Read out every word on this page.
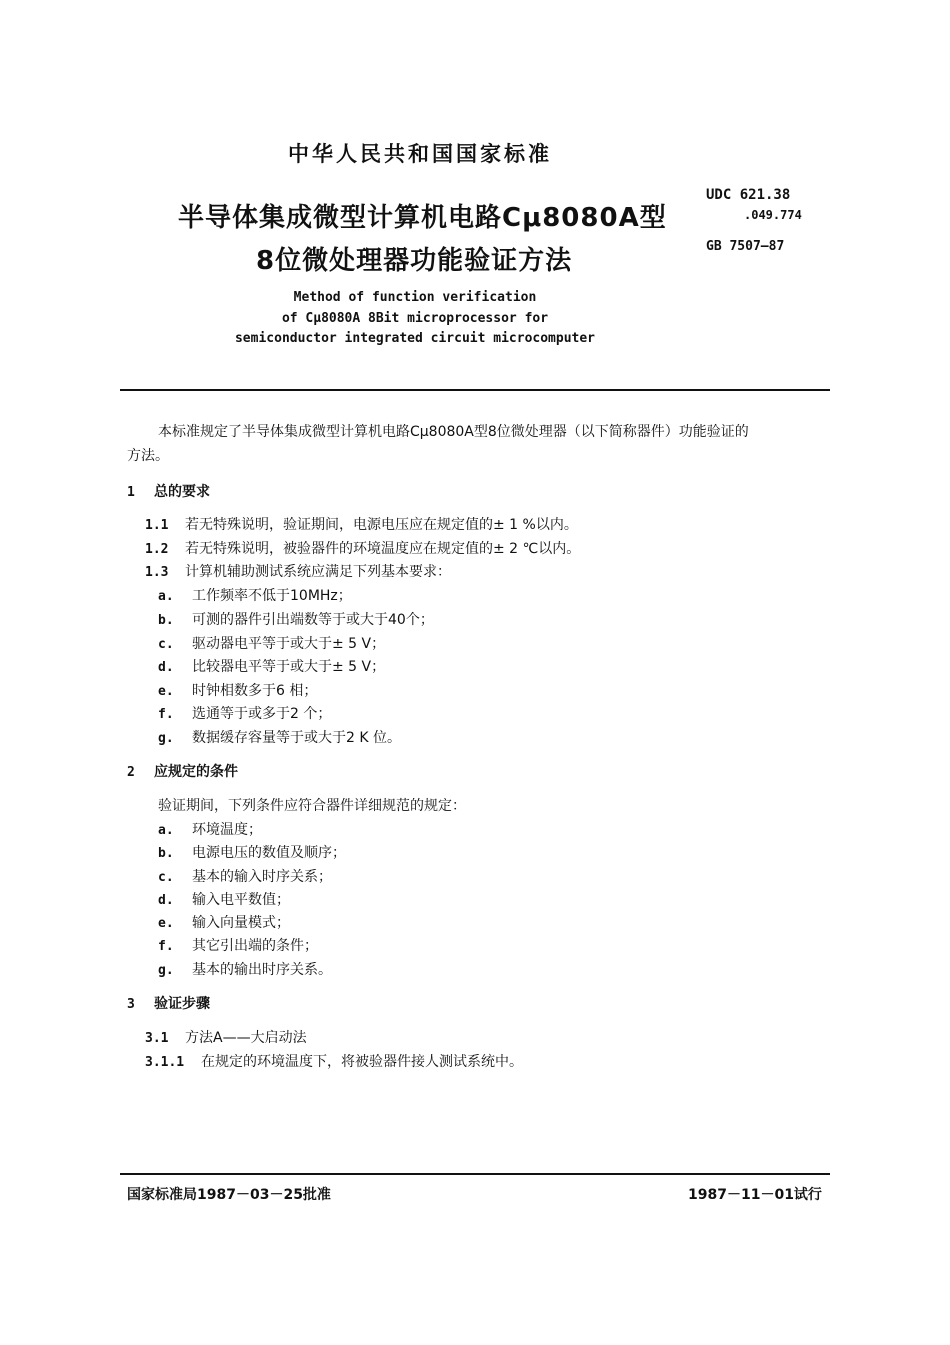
中华人民共和国国家标准
半导体集成微型计算机电路Cμ8080A型
8位微处理器功能验证方法
UDC 621.38
.049.774
GB 7507—87
Method of function verification
of Cμ8080A 8Bit microprocessor for
semiconductor integrated circuit microcomputer
本标准规定了半导体集成微型计算机电路Cμ8080A型8位微处理器（以下简称器件）功能验证的
方法。
1 总的要求
1.1 若无特殊说明，验证期间，电源电压应在规定值的± 1 %以内。
1.2 若无特殊说明，被验器件的环境温度应在规定值的± 2 ℃以内。
1.3 计算机辅助测试系统应满足下列基本要求：
a. 工作频率不低于10MHz；
b. 可测的器件引出端数等于或大于40个；
c. 驱动器电平等于或大于± 5 V；
d. 比较器电平等于或大于± 5 V；
e. 时钟相数多于6 相；
f. 选通等于或多于2 个；
g. 数据缓存容量等于或大于2 K 位。
2 应规定的条件
验证期间，下列条件应符合器件详细规范的规定：
a. 环境温度；
b. 电源电压的数值及顺序；
c. 基本的输入时序关系；
d. 输入电平数值；
e. 输入向量模式；
f. 其它引出端的条件；
g. 基本的输出时序关系。
3 验证步骤
3.1 方法A——大启动法
3.1.1 在规定的环境温度下，将被验器件接人测试系统中。
国家标准局1987－03－25批准	1987－11－01试行
